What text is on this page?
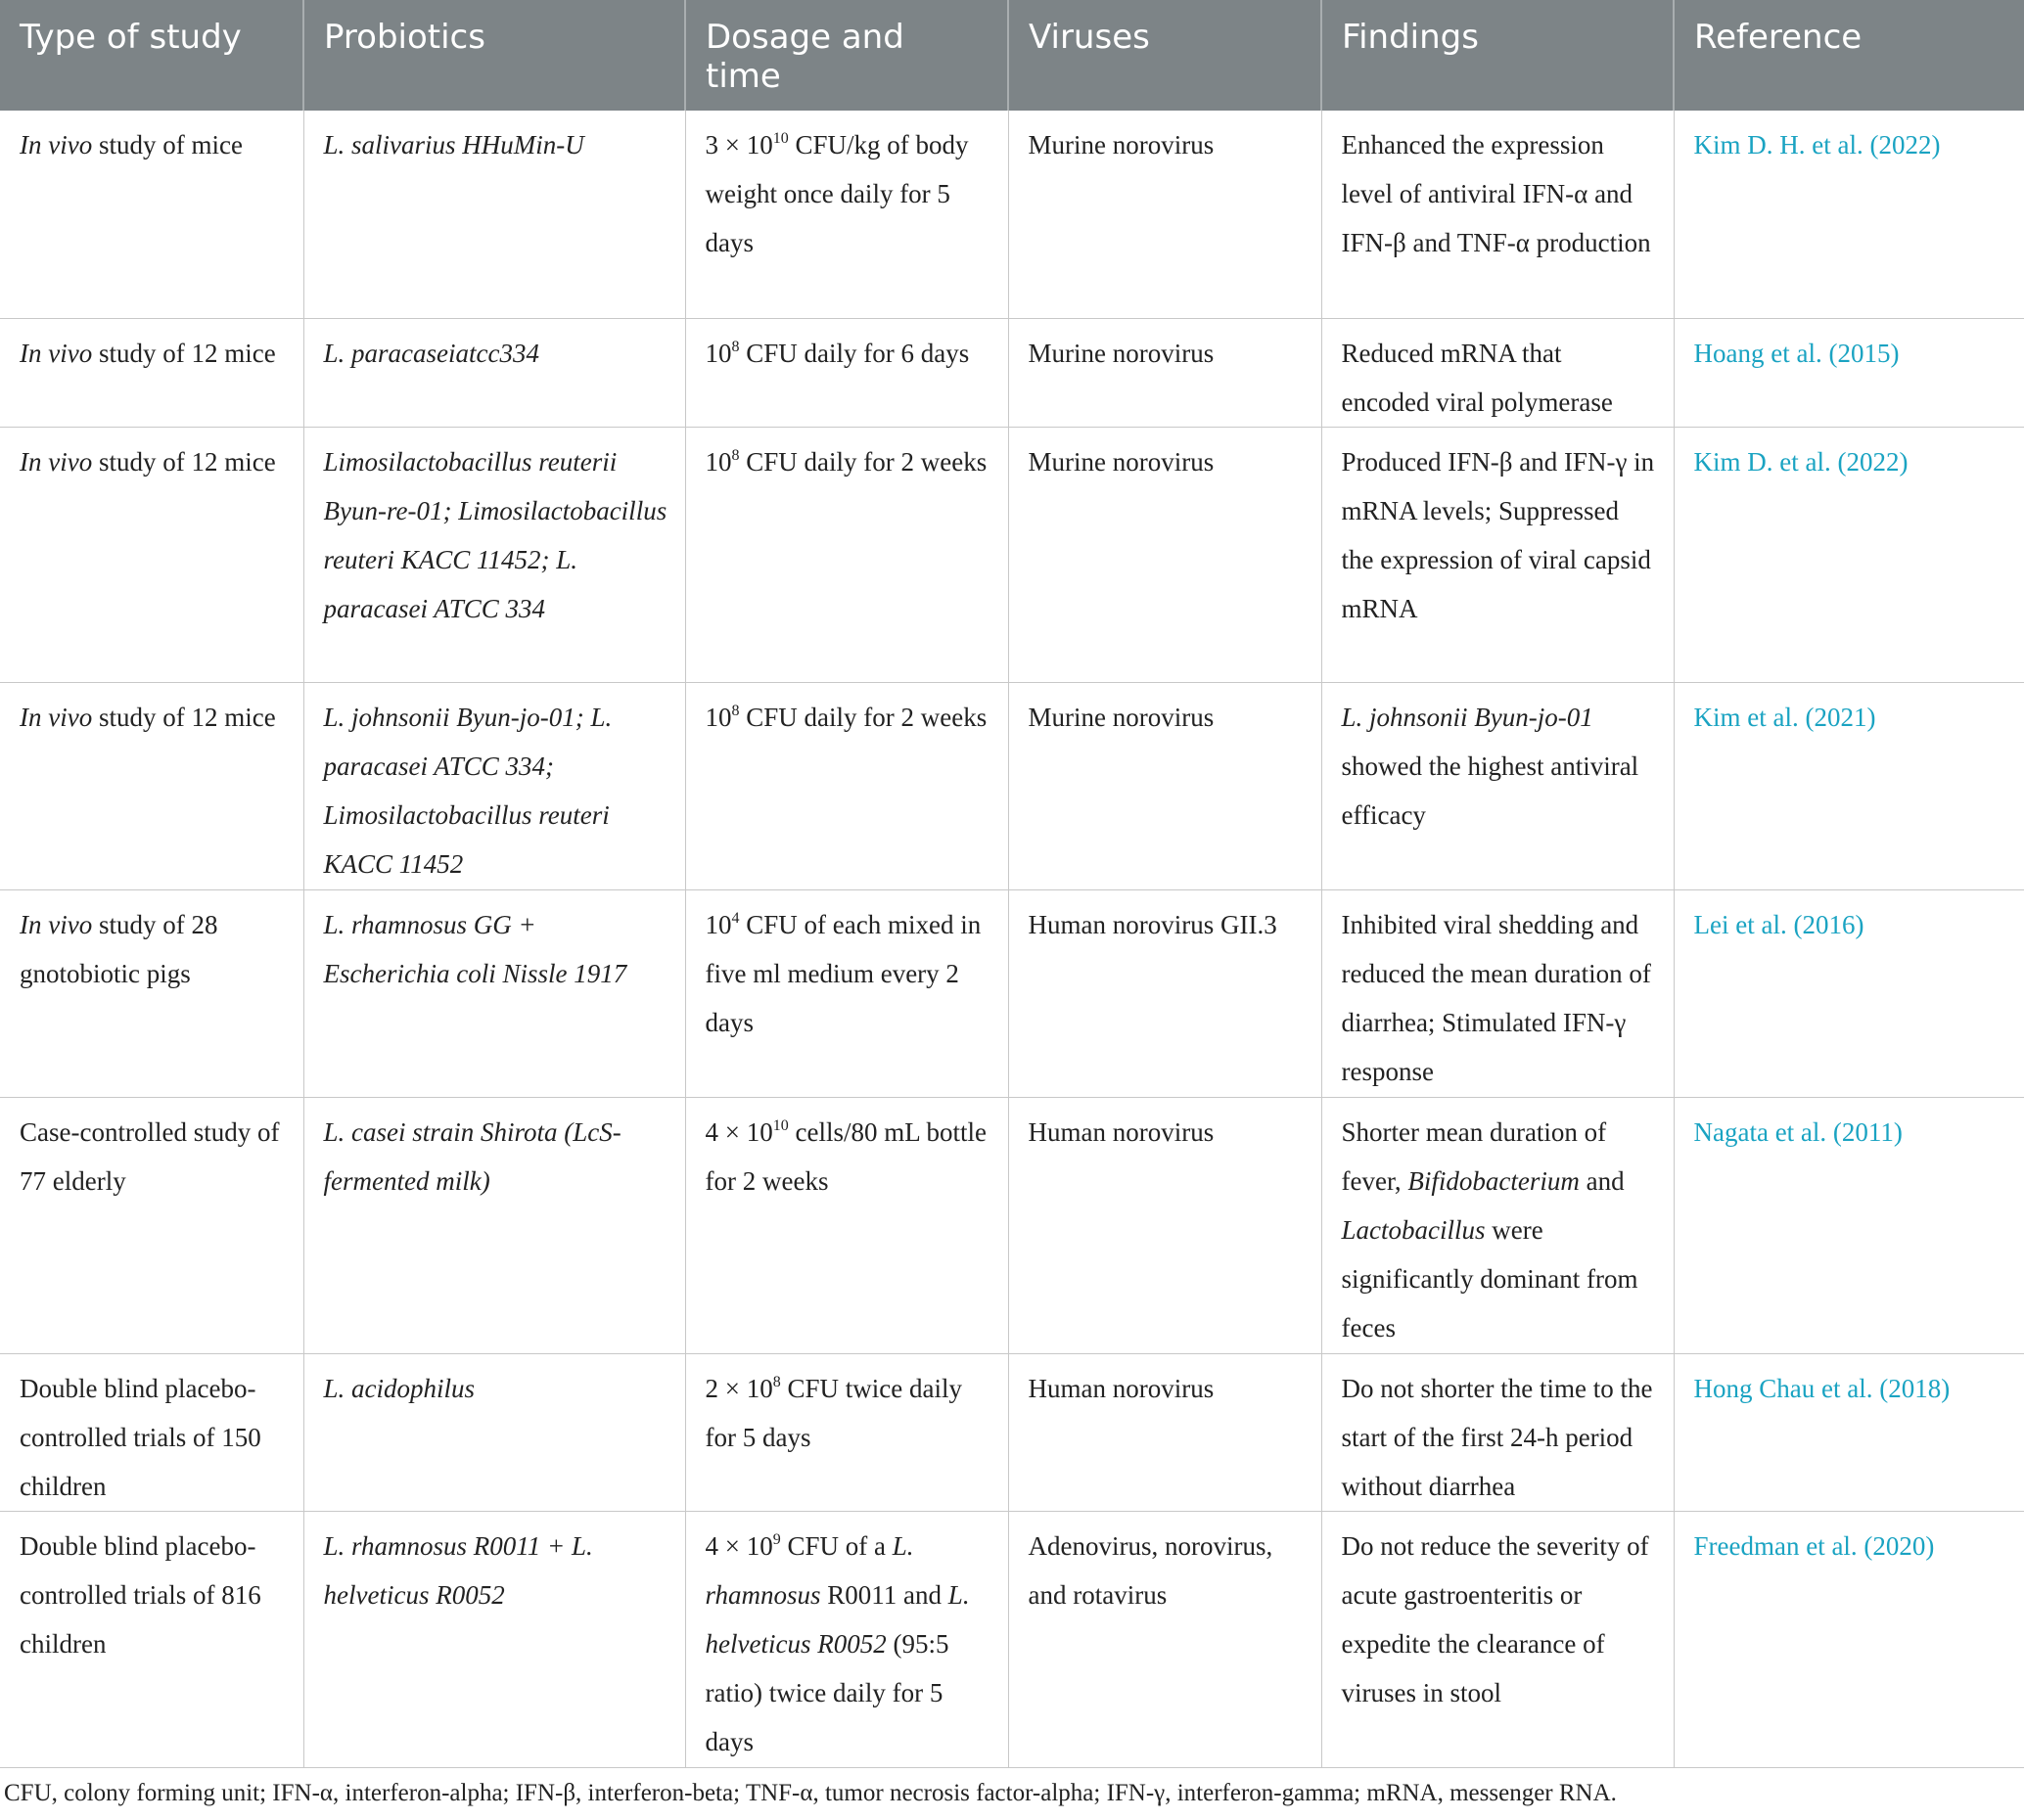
Type of study	Probiotics	Dosage and time	Viruses	Findings	Reference
In vivo study of mice	L. salivarius HHuMin-U	$3 \times 10^{10}$ CFU/kg of body weight once daily for 5 days	Murine norovirus	Enhanced the expression level of antiviral IFN-α and IFN-β and TNF-α production	Kim D. H. et al. (2022)
In vivo study of 12 mice	L. paracaseiatcc334	$10^8$ CFU daily for 6 days	Murine norovirus	Reduced mRNA that encoded viral polymerase	Hoang et al. (2015)
In vivo study of 12 mice	Limosilactobacillus reuterii Byun-re-01; Limosilactobacillus reuteri KACC 11452; L. paracasei ATCC 334	$10^8$ CFU daily for 2 weeks	Murine norovirus	Produced IFN-β and IFN-γ in mRNA levels; Suppressed the expression of viral capsid mRNA	Kim D. et al. (2022)
In vivo study of 12 mice	L. johnsonii Byun-jo-01; L. paracasei ATCC 334; Limosilactobacillus reuteri KACC 11452	$10^8$ CFU daily for 2 weeks	Murine norovirus	L. johnsonii Byun-jo-01 showed the highest antiviral efficacy	Kim et al. (2021)
In vivo study of 28 gnotobiotic pigs	L. rhamnosus GG + Escherichia coli Nissle 1917	$10^4$ CFU of each mixed in five ml medium every 2 days	Human norovirus GII.3	Inhibited viral shedding and reduced the mean duration of diarrhea; Stimulated IFN-γ response	Lei et al. (2016)
Case-controlled study of 77 elderly	L. casei strain Shirota (LcS-fermented milk)	$4 \times 10^{10}$ cells/80 mL bottle for 2 weeks	Human norovirus	Shorter mean duration of fever, Bifidobacterium and Lactobacillus were significantly dominant from feces	Nagata et al. (2011)
Double blind placebo-controlled trials of 150 children	L. acidophilus	$2 \times 10^8$ CFU twice daily for 5 days	Human norovirus	Do not shorter the time to the start of the first 24-h period without diarrhea	Hong Chau et al. (2018)
Double blind placebo-controlled trials of 816 children	L. rhamnosus R0011 + L. helveticus R0052	$4 \times 10^9$ CFU of a L. rhamnosus R0011 and L. helveticus R0052 (95:5 ratio) twice daily for 5 days	Adenovirus, norovirus, and rotavirus	Do not reduce the severity of acute gastroenteritis or expedite the clearance of viruses in stool	Freedman et al. (2020)
CFU, colony forming unit; IFN-α, interferon-alpha; IFN-β, interferon-beta; TNF-α, tumor necrosis factor-alpha; IFN-γ, interferon-gamma; mRNA, messenger RNA.
